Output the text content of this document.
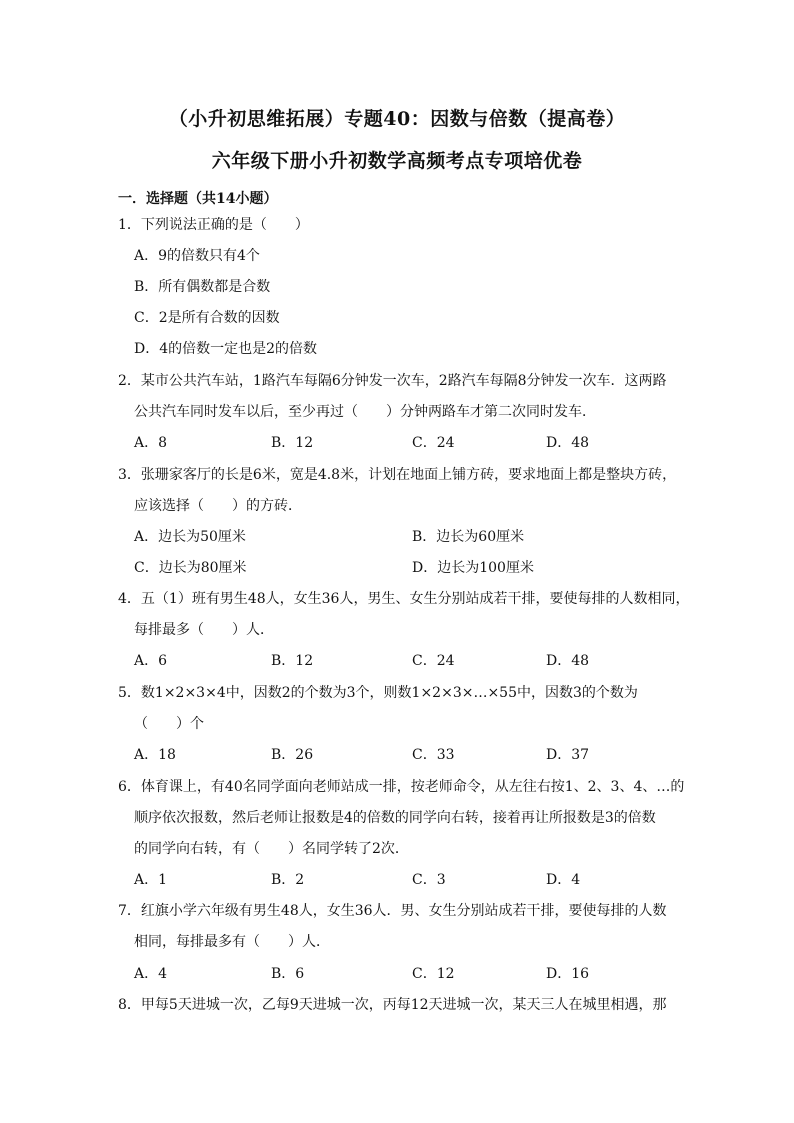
（小升初思维拓展）专题40：因数与倍数（提高卷）
六年级下册小升初数学高频考点专项培优卷
一．选择题（共14小题）

1．下列说法正确的是（　　）

A．9的倍数只有4个

B．所有偶数都是合数

C．2是所有合数的因数

D．4的倍数一定也是2的倍数

2．某市公共汽车站，1路汽车每隔6分钟发一次车，2路汽车每隔8分钟发一次车．这两路

公共汽车同时发车以后，至少再过（　　）分钟两路车才第二次同时发车．

A．8	B．12	C．24	D．48

3．张珊家客厅的长是6米，宽是4.8米，计划在地面上铺方砖，要求地面上都是整块方砖，

应该选择（　　）的方砖．

A．边长为50厘米	B．边长为60厘米
C．边长为80厘米	D．边长为100厘米

4．五（1）班有男生48人，女生36人，男生、女生分别站成若干排，要使每排的人数相同，

每排最多（　　）人．

A．6	B．12	C．24	D．48

5．数1×2×3×4中，因数2的个数为3个，则数1×2×3×…×55中，因数3的个数为

（　　）个

A．18	B．26	C．33	D．37

6．体育课上，有40名同学面向老师站成一排，按老师命令，从左往右按1、2、3、4、…的

顺序依次报数，然后老师让报数是4的倍数的同学向右转，接着再让所报数是3的倍数

的同学向右转，有（　　）名同学转了2次．

A．1	B．2	C．3	D．4

7．红旗小学六年级有男生48人，女生36人．男、女生分别站成若干排，要使每排的人数

相同，每排最多有（　　）人．

A．4	B．6	C．12	D．16

8．甲每5天进城一次，乙每9天进城一次，丙每12天进城一次，某天三人在城里相遇，那
